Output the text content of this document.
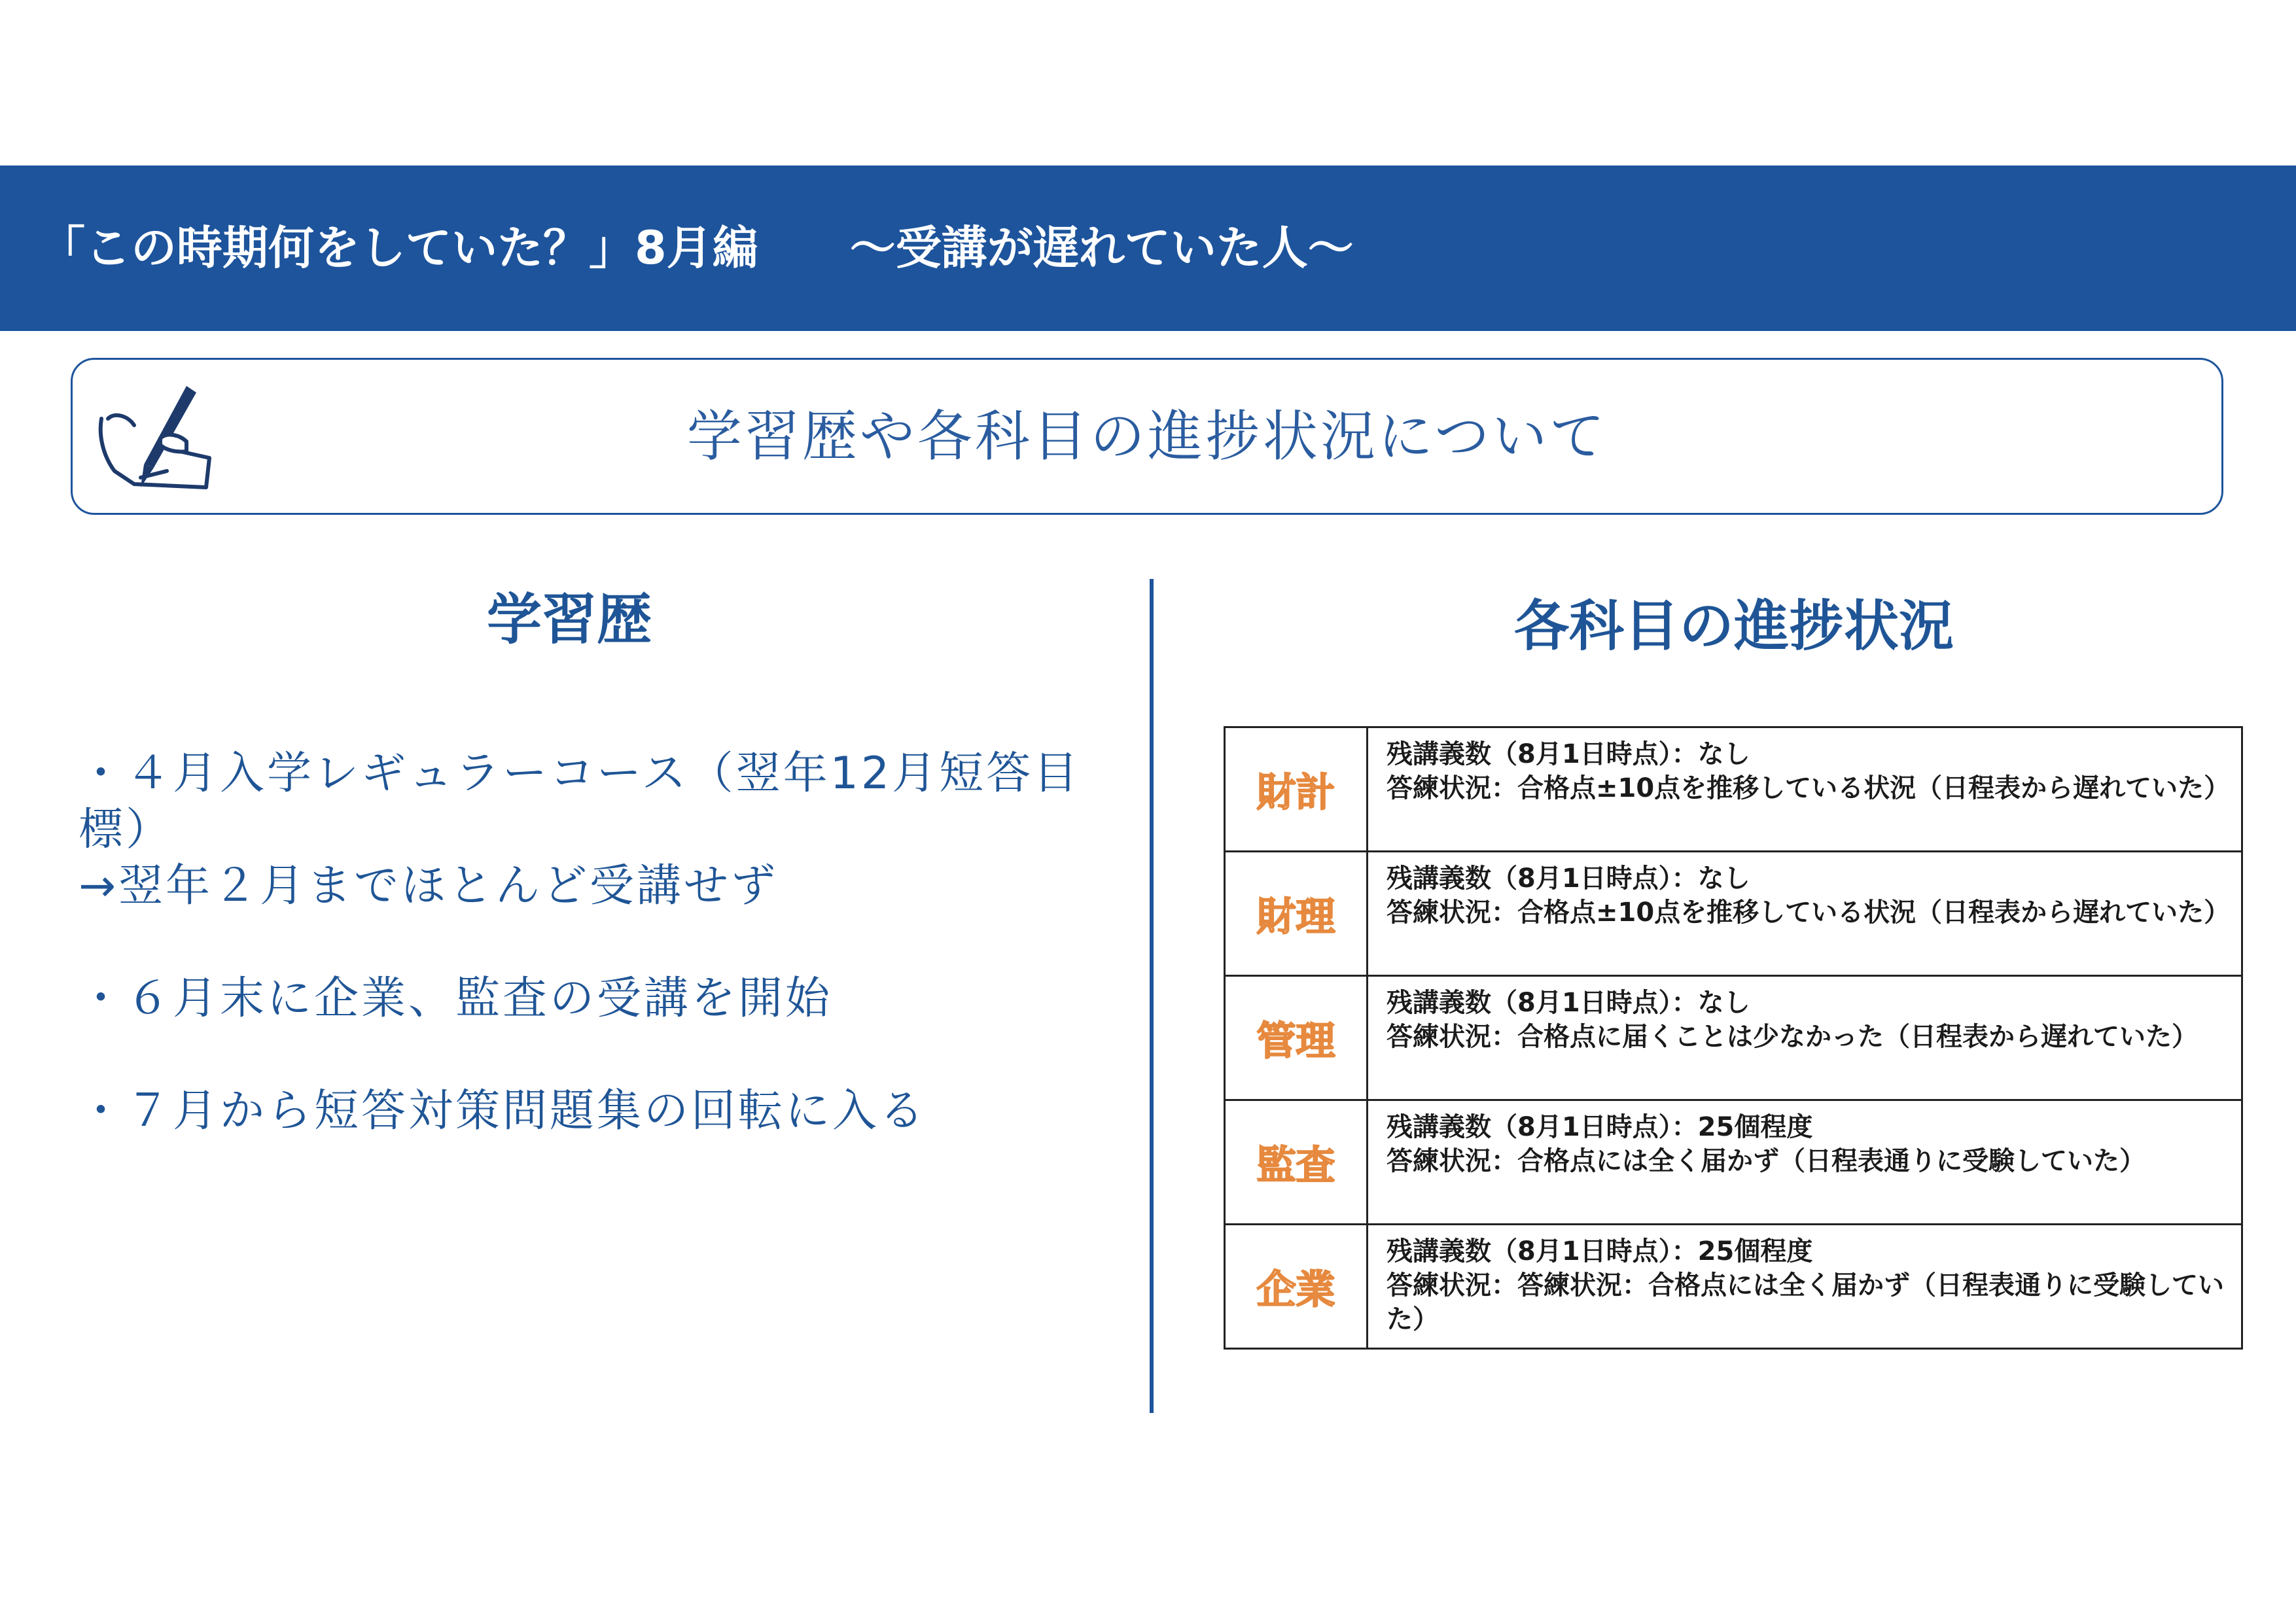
「この時期何をしていた？」8月編　　～受講が遅れていた人～
学習歴や各科目の進捗状況について
学習歴	各科目の進捗状況
・４月入学レギュラーコース（翌年12月短答目標）
→翌年２月までほとんど受講せず
・６月末に企業、監査の受講を開始
・７月から短答対策問題集の回転に入る
財計	残講義数（8月1日時点）：なし
答練状況：合格点±10点を推移している状況（日程表から遅れていた）

財理	残講義数（8月1日時点）：なし
答練状況：合格点±10点を推移している状況（日程表から遅れていた）

管理	残講義数（8月1日時点）：なし
答練状況：合格点に届くことは少なかった（日程表から遅れていた）

監査	残講義数（8月1日時点）：25個程度
答練状況：合格点には全く届かず（日程表通りに受験していた）

企業	残講義数（8月1日時点）：25個程度
答練状況：答練状況：合格点には全く届かず（日程表通りに受験していた）
